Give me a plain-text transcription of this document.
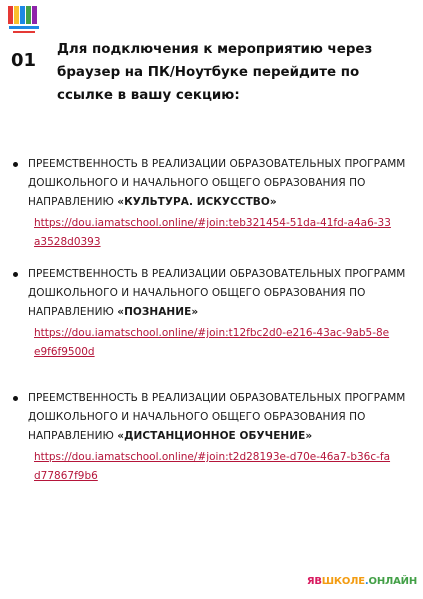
01
Для подключения к мероприятию через браузер на ПК/Ноутбуке перейдите по ссылке в вашу секцию:
ПРЕЕМСТВЕННОСТЬ В РЕАЛИЗАЦИИ ОБРАЗОВАТЕЛЬНЫХ ПРОГРАММ ДОШКОЛЬНОГО И НАЧАЛЬНОГО ОБЩЕГО ОБРАЗОВАНИЯ ПО НАПРАВЛЕНИЮ «КУЛЬТУРА. ИСКУССТВО»
https://dou.iamatschool.online/#join:teb321454-51da-41fd-a4a6-33a3528d0393
ПРЕЕМСТВЕННОСТЬ В РЕАЛИЗАЦИИ ОБРАЗОВАТЕЛЬНЫХ ПРОГРАММ ДОШКОЛЬНОГО И НАЧАЛЬНОГО ОБЩЕГО ОБРАЗОВАНИЯ ПО НАПРАВЛЕНИЮ «ПОЗНАНИЕ»
https://dou.iamatschool.online/#join:t12fbc2d0-e216-43ac-9ab5-8ee9f6f9500d
ПРЕЕМСТВЕННОСТЬ В РЕАЛИЗАЦИИ ОБРАЗОВАТЕЛЬНЫХ ПРОГРАММ ДОШКОЛЬНОГО И НАЧАЛЬНОГО ОБЩЕГО ОБРАЗОВАНИЯ ПО НАПРАВЛЕНИЮ «ДИСТАНЦИОННОЕ ОБУЧЕНИЕ»
https://dou.iamatschool.online/#join:t2d28193e-d70e-46a7-b36c-fad77867f9b6
ЯВШКОЛЕ.ОНЛАЙН
